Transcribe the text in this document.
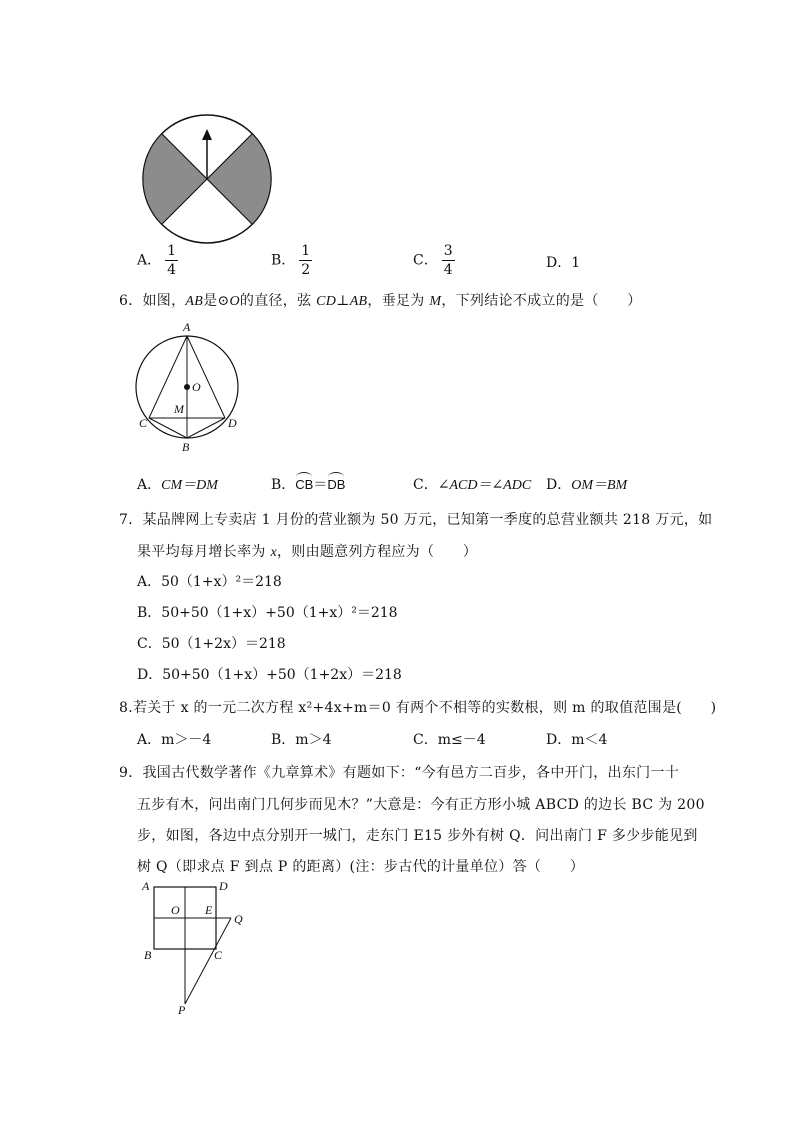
A． $\frac{1}{4}$	B． $\frac{1}{2}$	C． $\frac{3}{4}$	D．1
6．如图，AB是⊙O的直径，弦 CD⊥AB，垂足为 M，下列结论不成立的是（　　）
A
O
M
C	D
B
A．CM＝DM	B．CB＝DB	C．∠ACD＝∠ADC D．OM＝BM
7．某品牌网上专卖店 1 月份的营业额为 50 万元，已知第一季度的总营业额共 218 万元，如
果平均每月增长率为 x，则由题意列方程应为（　　）
A．50（1+x）²＝218
B．50+50（1+x）+50（1+x）²＝218
C．50（1+2x）＝218
D．50+50（1+x）+50（1+2x）＝218
8.若关于 x 的一元二次方程 x²+4x+m＝0 有两个不相等的实数根，则 m 的取值范围是(　　)
A．m＞－4	B．m＞4	C．m≤－4	D．m＜4
9．我国古代数学著作《九章算术》有题如下：“今有邑方二百步，各中开门，出东门一十
五步有木，问出南门几何步而见木？”大意是：今有正方形小城 ABCD 的边长 BC 为 200
步，如图，各边中点分别开一城门，走东门 E15 步外有树 Q．问出南门 F 多少步能见到
树 Q（即求点 F 到点 P 的距离）(注：步古代的计量单位）答（　　）
A	D
O E
Q
B	C
P
